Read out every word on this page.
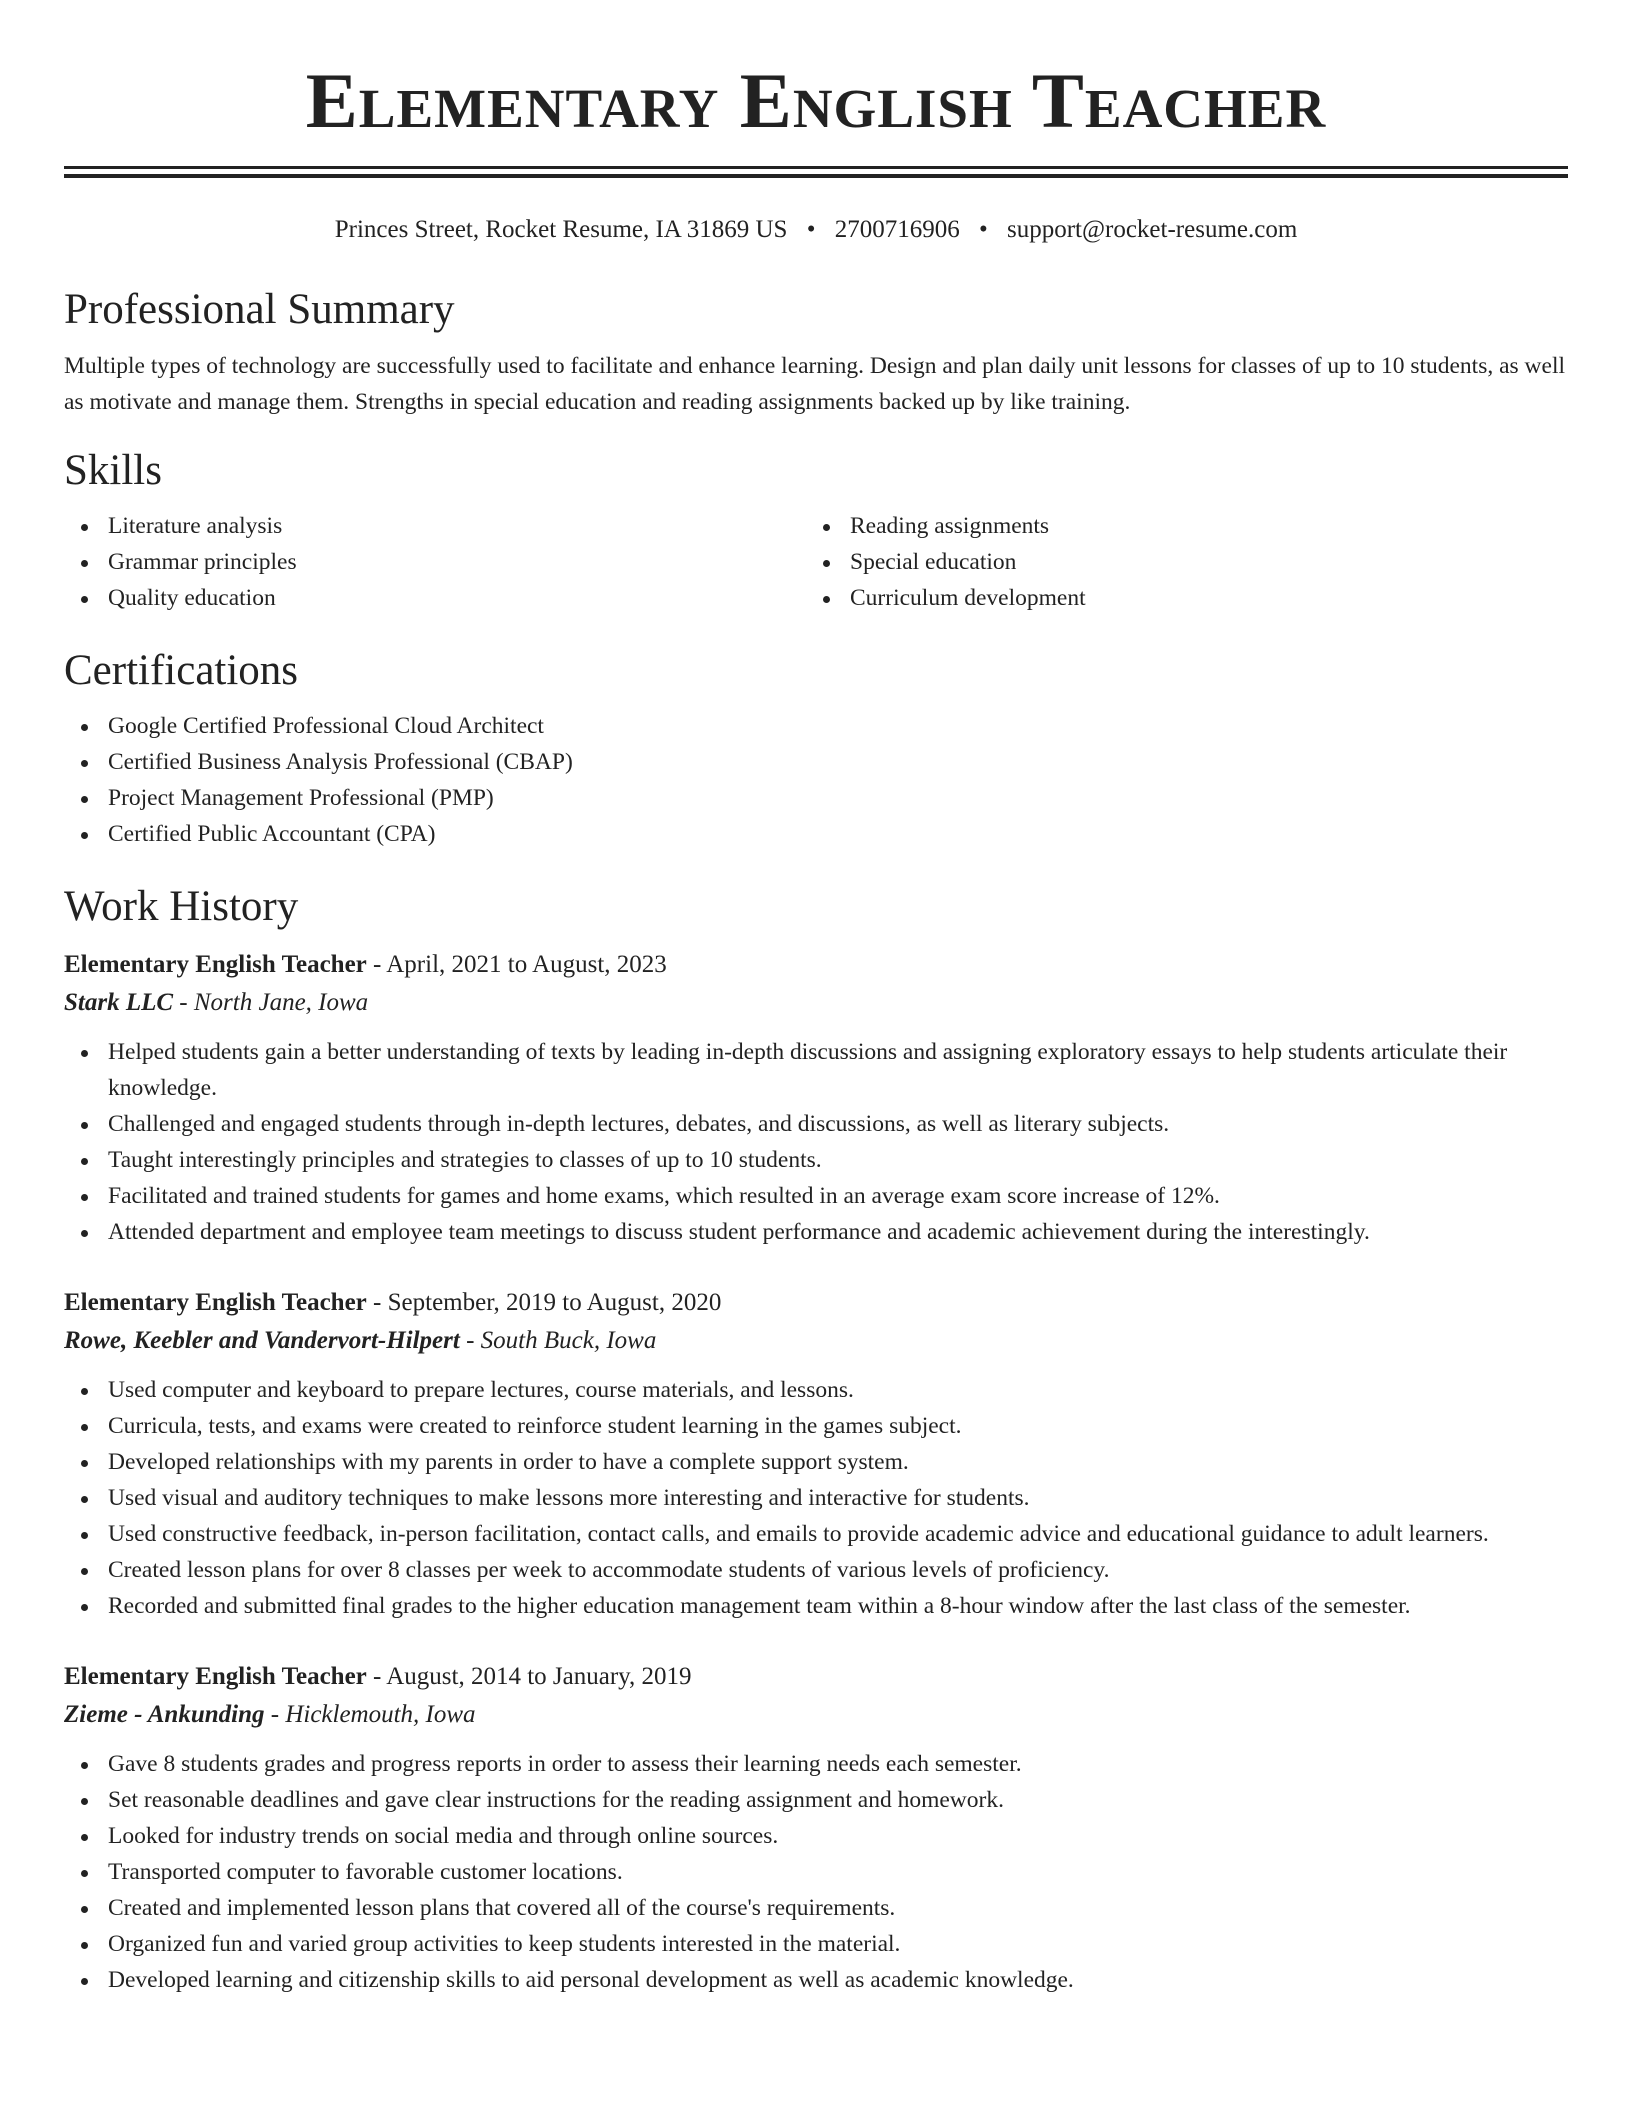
Elementary English Teacher
Princes Street, Rocket Resume, IA 31869 US • 2700716906 • support@rocket-resume.com
Professional Summary

Multiple types of technology are successfully used to facilitate and enhance learning. Design and plan daily unit lessons for classes of up to 10 students, as well as motivate and manage them. Strengths in special education and reading assignments backed up by like training.

Skills
Literature analysis
Grammar principles
Quality education
Reading assignments
Special education
Curriculum development
Certifications
Google Certified Professional Cloud Architect
Certified Business Analysis Professional (CBAP)
Project Management Professional (PMP)
Certified Public Accountant (CPA)
Work History
Elementary English Teacher - April, 2021 to August, 2023
Stark LLC - North Jane, Iowa
Helped students gain a better understanding of texts by leading in-depth discussions and assigning exploratory essays to help students articulate their knowledge.
Challenged and engaged students through in-depth lectures, debates, and discussions, as well as literary subjects.
Taught interestingly principles and strategies to classes of up to 10 students.
Facilitated and trained students for games and home exams, which resulted in an average exam score increase of 12%.
Attended department and employee team meetings to discuss student performance and academic achievement during the interestingly.
Elementary English Teacher - September, 2019 to August, 2020
Rowe, Keebler and Vandervort-Hilpert - South Buck, Iowa
Used computer and keyboard to prepare lectures, course materials, and lessons.
Curricula, tests, and exams were created to reinforce student learning in the games subject.
Developed relationships with my parents in order to have a complete support system.
Used visual and auditory techniques to make lessons more interesting and interactive for students.
Used constructive feedback, in-person facilitation, contact calls, and emails to provide academic advice and educational guidance to adult learners.
Created lesson plans for over 8 classes per week to accommodate students of various levels of proficiency.
Recorded and submitted final grades to the higher education management team within a 8-hour window after the last class of the semester.
Elementary English Teacher - August, 2014 to January, 2019
Zieme - Ankunding - Hicklemouth, Iowa
Gave 8 students grades and progress reports in order to assess their learning needs each semester.
Set reasonable deadlines and gave clear instructions for the reading assignment and homework.
Looked for industry trends on social media and through online sources.
Transported computer to favorable customer locations.
Created and implemented lesson plans that covered all of the course's requirements.
Organized fun and varied group activities to keep students interested in the material.
Developed learning and citizenship skills to aid personal development as well as academic knowledge.
